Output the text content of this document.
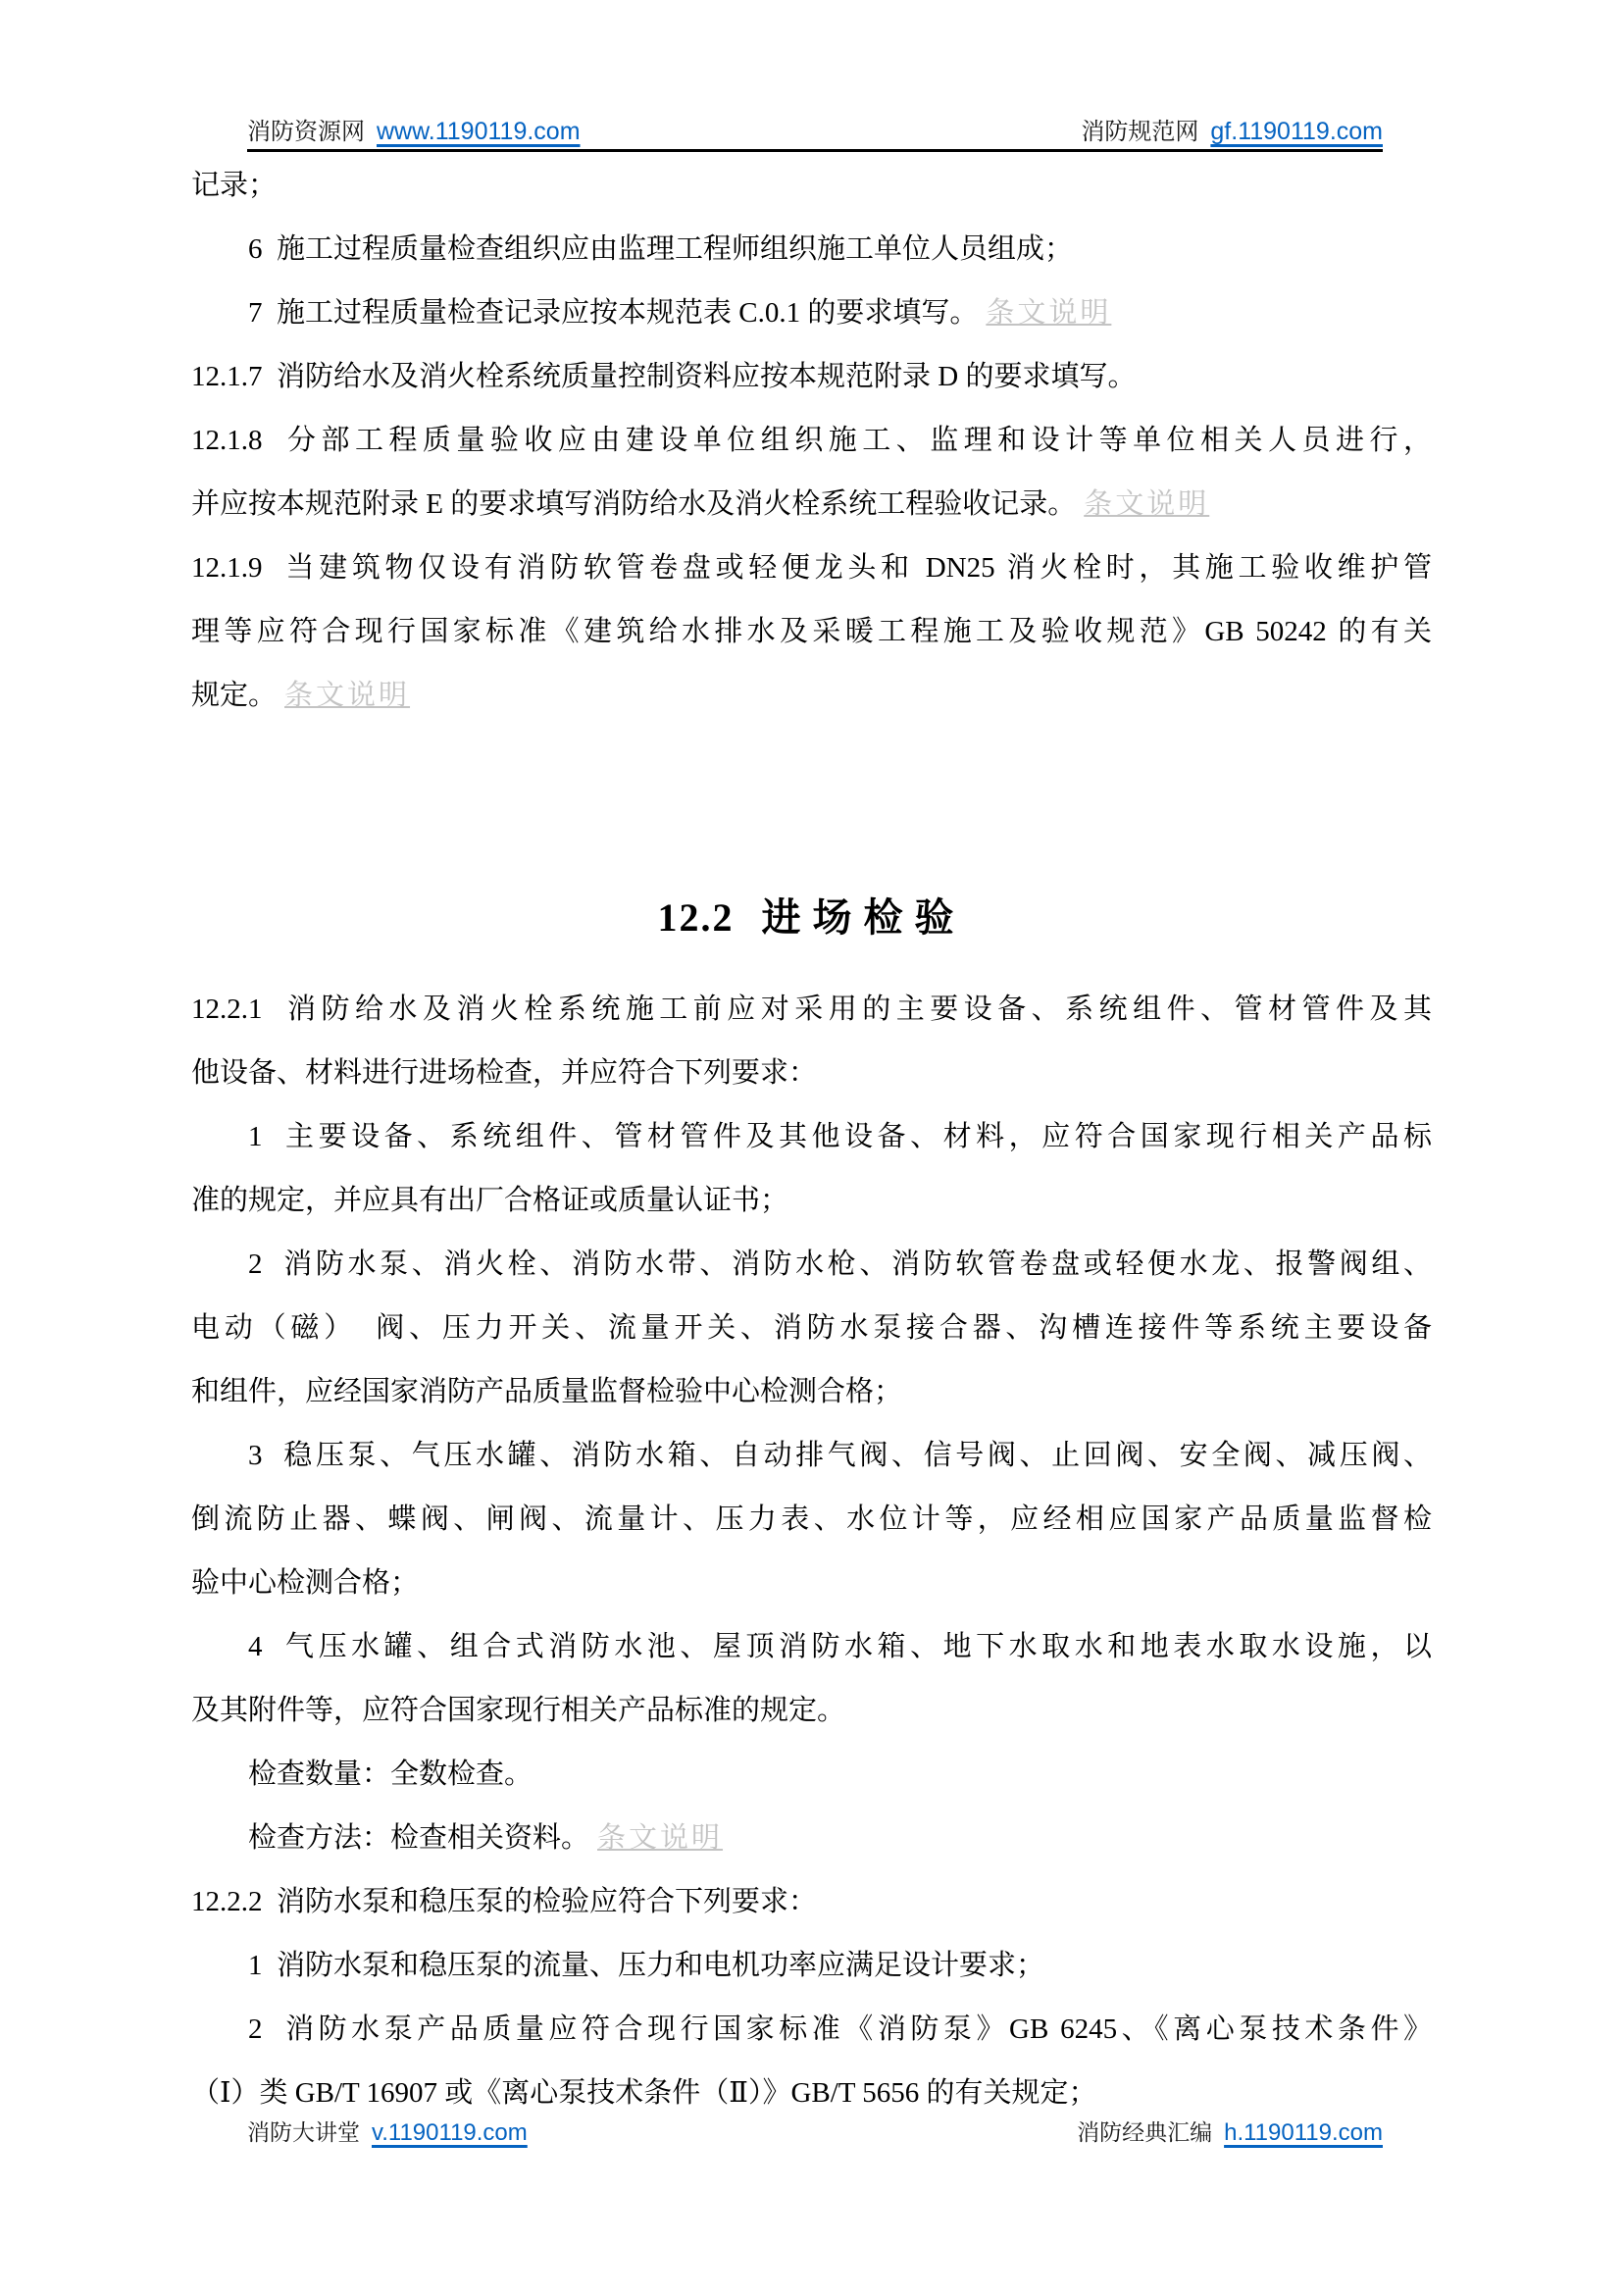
消防资源网 www.1190119.com	消防规范网 gf.1190119.com
记录；
6  施工过程质量检查组织应由监理工程师组织施工单位人员组成；
7  施工过程质量检查记录应按本规范表 C.0.1 的要求填写。 条文说明
12.1.7  消防给水及消火栓系统质量控制资料应按本规范附录 D 的要求填写。
12.1.8  分部工程质量验收应由建设单位组织施工、监理和设计等单位相关人员进行，
并应按本规范附录 E 的要求填写消防给水及消火栓系统工程验收记录。 条文说明
12.1.9  当建筑物仅设有消防软管卷盘或轻便龙头和 DN25 消火栓时，其施工验收维护管
理等应符合现行国家标准《建筑给水排水及采暖工程施工及验收规范》GB 50242 的有关
规定。 条文说明
12.2 进场检验
12.2.1  消防给水及消火栓系统施工前应对采用的主要设备、系统组件、管材管件及其
他设备、材料进行进场检查，并应符合下列要求：
1  主要设备、系统组件、管材管件及其他设备、材料，应符合国家现行相关产品标
准的规定，并应具有出厂合格证或质量认证书；
2  消防水泵、消火栓、消防水带、消防水枪、消防软管卷盘或轻便水龙、报警阀组、
电动（磁）　阀、压力开关、流量开关、消防水泵接合器、沟槽连接件等系统主要设备
和组件，应经国家消防产品质量监督检验中心检测合格；
3  稳压泵、气压水罐、消防水箱、自动排气阀、信号阀、止回阀、安全阀、减压阀、
倒流防止器、蝶阀、闸阀、流量计、压力表、水位计等，应经相应国家产品质量监督检
验中心检测合格；
4  气压水罐、组合式消防水池、屋顶消防水箱、地下水取水和地表水取水设施，以
及其附件等，应符合国家现行相关产品标准的规定。
检查数量：全数检查。
检查方法：检查相关资料。 条文说明
12.2.2  消防水泵和稳压泵的检验应符合下列要求：
1  消防水泵和稳压泵的流量、压力和电机功率应满足设计要求；
2  消防水泵产品质量应符合现行国家标准《消防泵》GB 6245、《离心泵技术条件》
（Ⅰ）类 GB/T 16907 或《离心泵技术条件（Ⅱ）》GB/T 5656 的有关规定；
消防大讲堂 v.1190119.com	消防经典汇编 h.1190119.com
